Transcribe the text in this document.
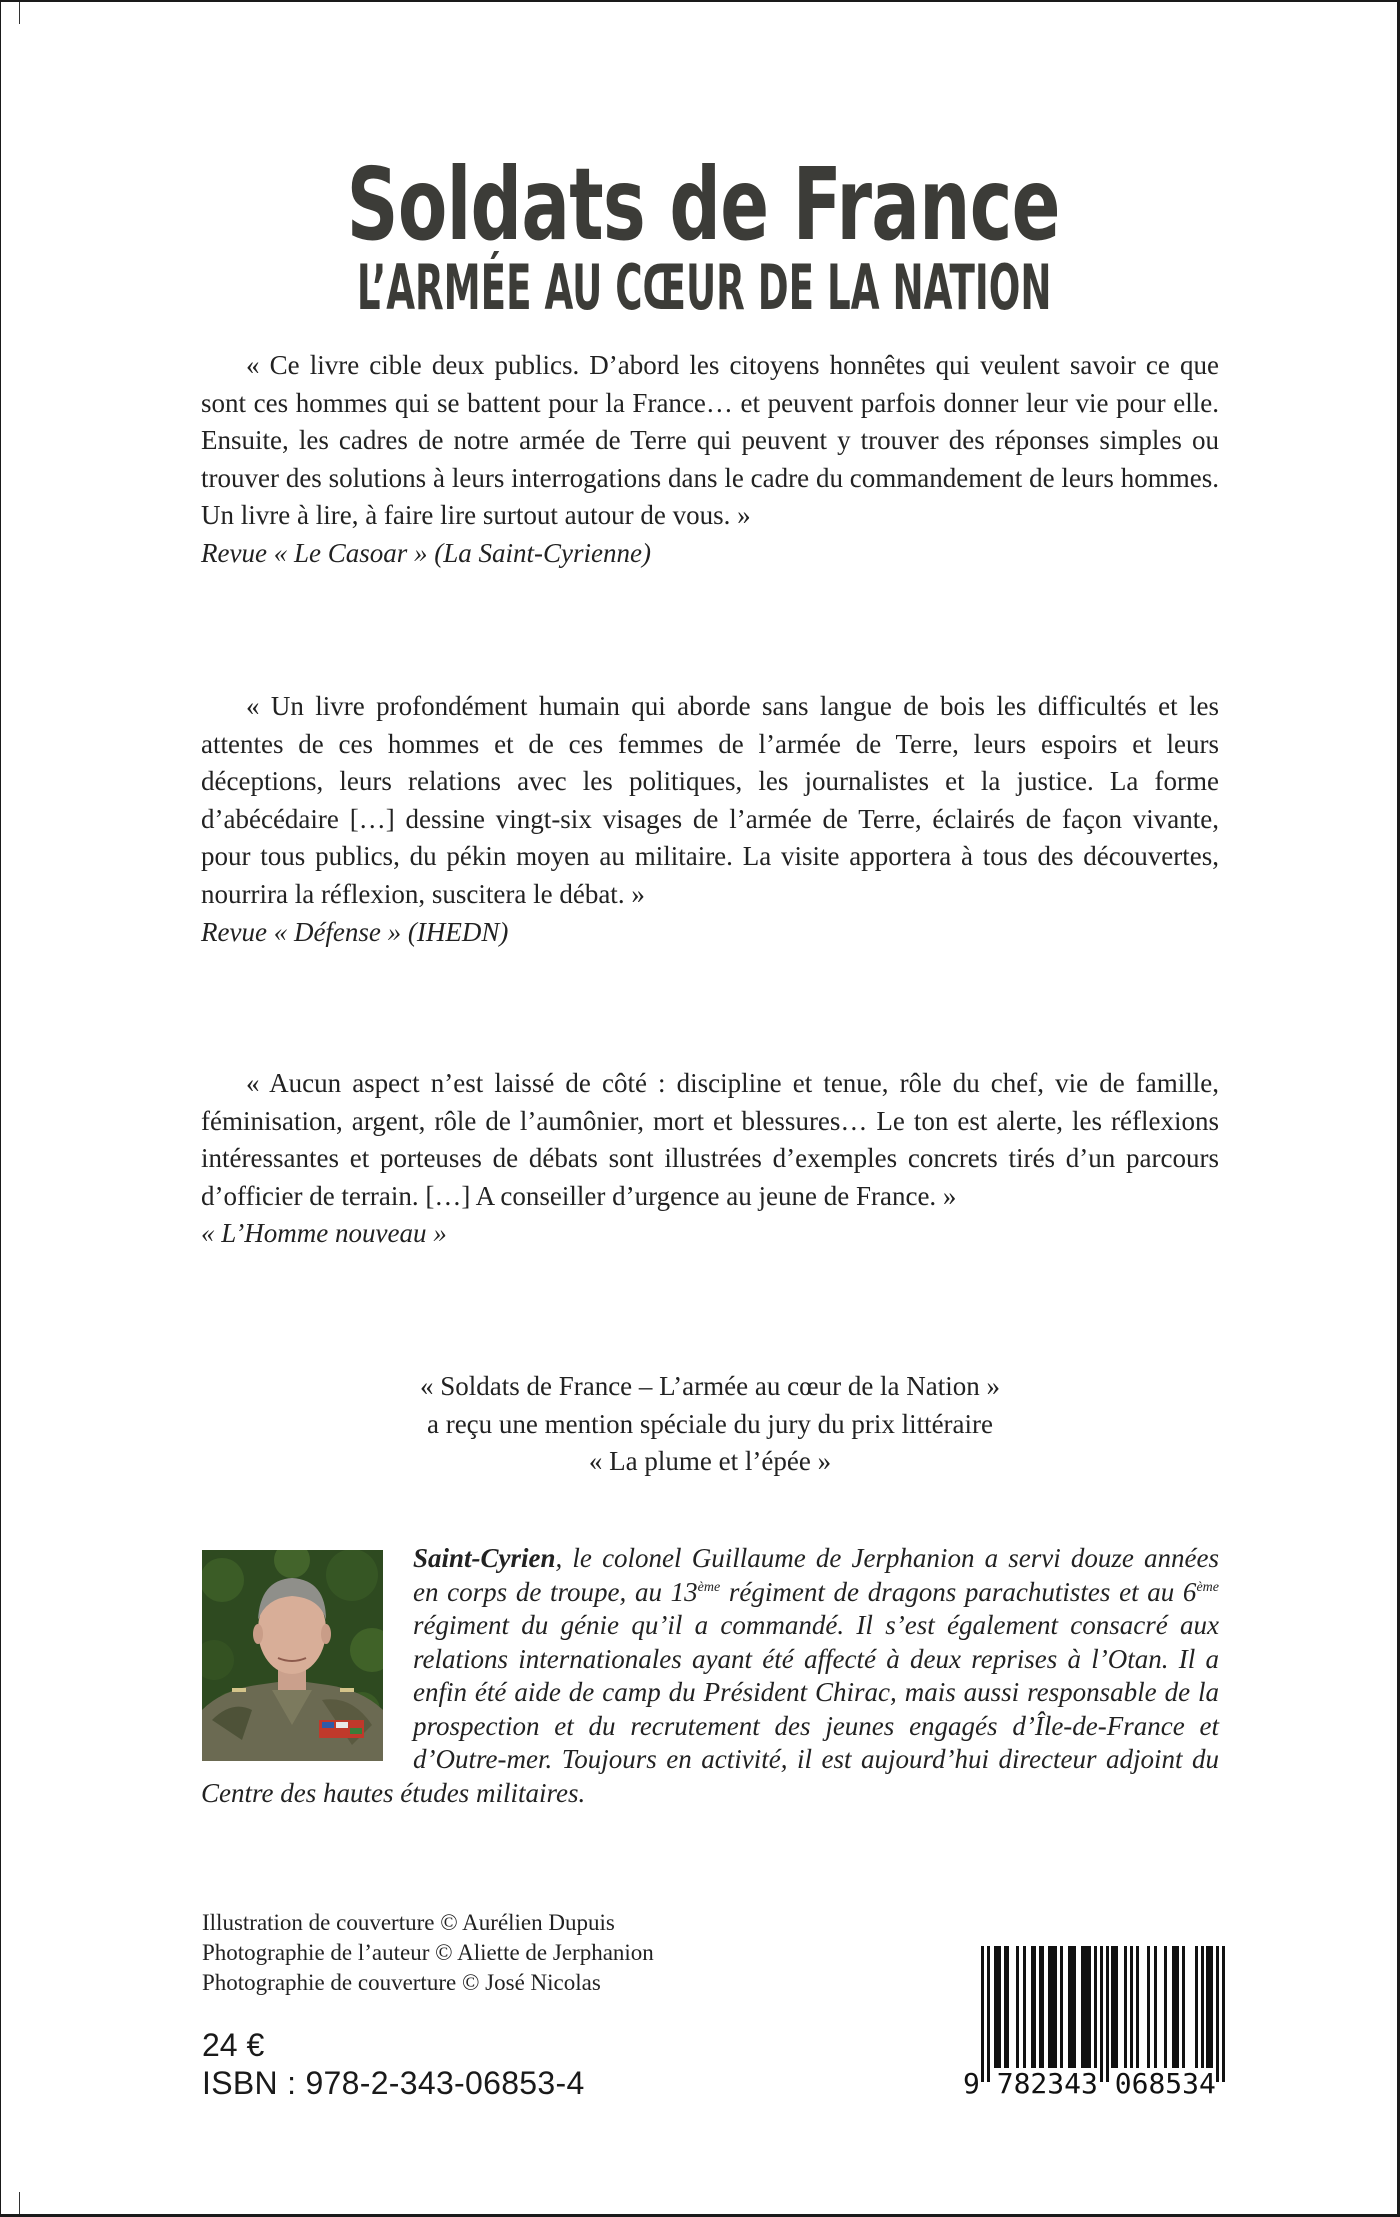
Soldats de France
L’ARMÉE AU CŒUR DE LA NATION

« Ce livre cible deux publics. D’abord les citoyens honnêtes qui veulent savoir ce que sont ces hommes qui se battent pour la France… et peuvent parfois donner leur vie pour elle. Ensuite, les cadres de notre armée de Terre qui peuvent y trouver des réponses simples ou trouver des solutions à leurs interrogations dans le cadre du commandement de leurs hommes. Un livre à lire, à faire lire surtout autour de vous. »

Revue « Le Casoar » (La Saint-Cyrienne)

« Un livre profondément humain qui aborde sans langue de bois les difficultés et les attentes de ces hommes et de ces femmes de l’armée de Terre, leurs espoirs et leurs déceptions, leurs relations avec les politiques, les journalistes et la justice. La forme d’abécédaire […] dessine vingt-six visages de l’armée de Terre, éclairés de façon vivante, pour tous publics, du pékin moyen au militaire. La visite apportera à tous des découvertes, nourrira la réflexion, suscitera le débat. »

Revue « Défense » (IHEDN)

« Aucun aspect n’est laissé de côté : discipline et tenue, rôle du chef, vie de famille, féminisation, argent, rôle de l’aumônier, mort et blessures… Le ton est alerte, les réflexions intéressantes et porteuses de débats sont illustrées d’exemples concrets tirés d’un parcours d’officier de terrain. […] A conseiller d’urgence au jeune de France. »

« L’Homme nouveau »
« Soldats de France – L’armée au cœur de la Nation »
a reçu une mention spéciale du jury du prix littéraire
« La plume et l’épée »
Saint-Cyrien, le colonel Guillaume de Jerphanion a servi douze années en corps de troupe, au 13ème régiment de dragons parachutistes et au 6ème régiment du génie qu’il a commandé. Il s’est également consacré aux relations internationales ayant été affecté à deux reprises à l’Otan. Il a enfin été aide de camp du Président Chirac, mais aussi responsable de la prospection et du recrutement des jeunes engagés d’Île-de-France et d’Outre-mer. Toujours en activité, il est aujourd’hui directeur adjoint du Centre des hautes études militaires.
Illustration de couverture © Aurélien Dupuis
Photographie de l’auteur © Aliette de Jerphanion
Photographie de couverture © José Nicolas
24 €
ISBN : 978-2-343-06853-4	9 782343 068534
